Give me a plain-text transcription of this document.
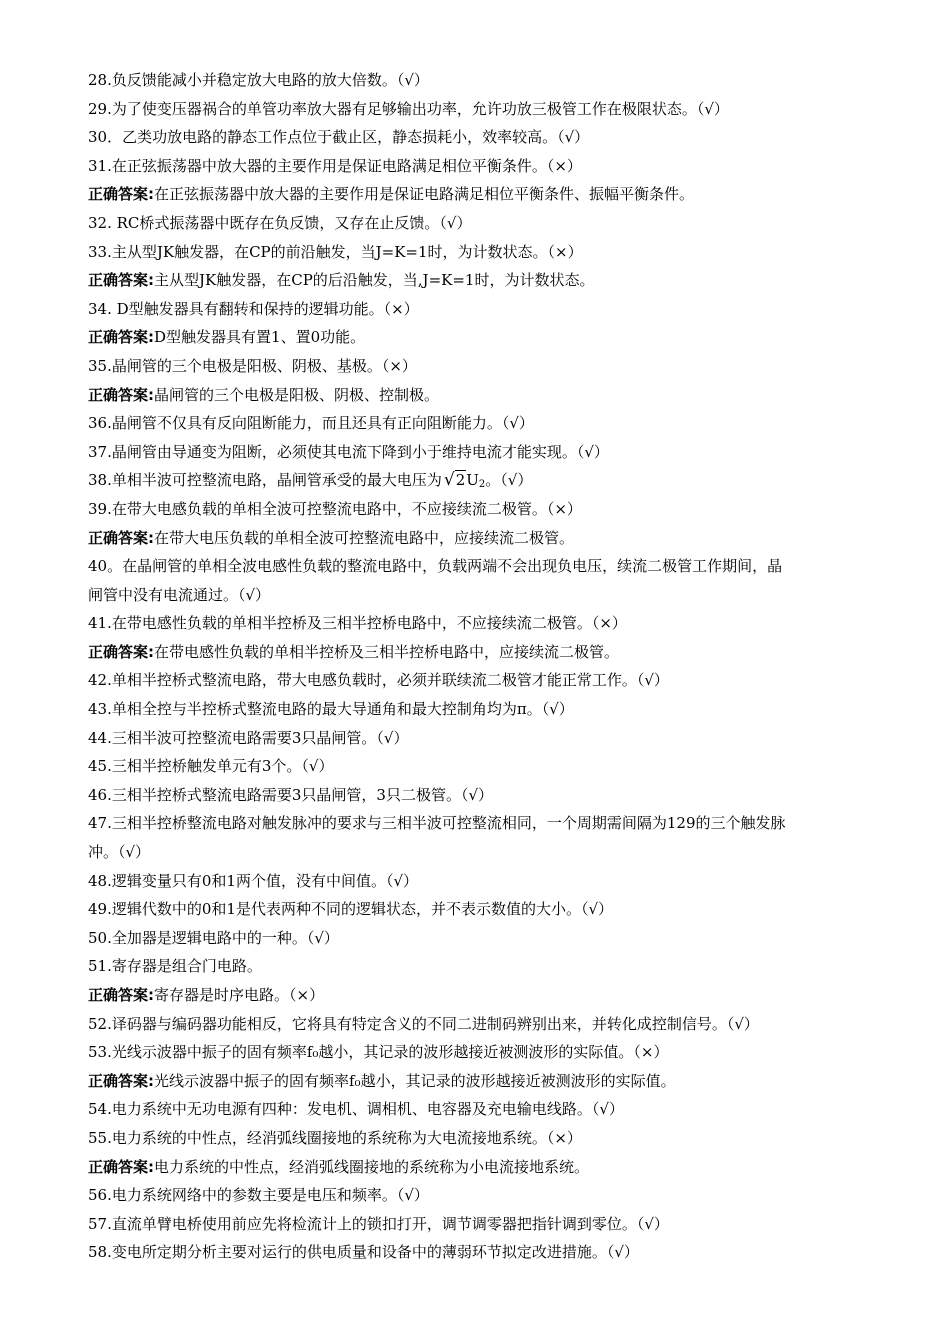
28.负反馈能减小并稳定放大电路的放大倍数。（√）
29.为了使变压器祸合的单管功率放大器有足够输出功率，允许功放三极管工作在极限状态。（√）
30．乙类功放电路的静态工作点位于截止区，静态损耗小，效率较高。（√）
31.在正弦振荡器中放大器的主要作用是保证电路满足相位平衡条件。（×）
正确答案:在正弦振荡器中放大器的主要作用是保证电路满足相位平衡条件、振幅平衡条件。
32. RC桥式振荡器中既存在负反馈，又存在止反馈。（√）
33.主从型JK触发器，在CP的前沿触发，当J=K=1时，为计数状态。（×）
正确答案:主从型JK触发器，在CP的后沿触发，当,J=K=1时，为计数状态。
34. D型触发器具有翻转和保持的逻辑功能。（×）
正确答案:D型触发器具有置1、置0功能。
35.晶闸管的三个电极是阳极、阴极、基极。（×）
正确答案:晶闸管的三个电极是阳极、阴极、控制极。
36.晶闸管不仅具有反向阻断能力，而且还具有正向阻断能力。（√）
37.晶闸管由导通变为阻断，必须使其电流下降到小于维持电流才能实现。（√）
38.单相半波可控整流电路，晶闸管承受的最大电压为 $√2U_2$。（√）
39.在带大电感负载的单相全波可控整流电路中，不应接续流二极管。（×）
正确答案:在带大电压负载的单相全波可控整流电路中，应接续流二极管。
40。在晶闸管的单相全波电感性负载的整流电路中，负载两端不会出现负电压，续流二极管工作期间，晶
闸管中没有电流通过。（√）
41.在带电感性负载的单相半控桥及三相半控桥电路中，不应接续流二极管。（×）
正确答案:在带电感性负载的单相半控桥及三相半控桥电路中，应接续流二极管。
42.单相半控桥式整流电路，带大电感负载时，必须并联续流二极管才能正常工作。（√）
43.单相全控与半控桥式整流电路的最大导通角和最大控制角均为π。（√）
44.三相半波可控整流电路需要3只晶闸管。（√）
45.三相半控桥触发单元有3个。（√）
46.三相半控桥式整流电路需要3只晶闸管，3只二极管。（√）
47.三相半控桥整流电路对触发脉冲的要求与三相半波可控整流相同，一个周期需间隔为129的三个触发脉
冲。（√）
48.逻辑变量只有0和1两个值，没有中间值。（√）
49.逻辑代数中的0和1是代表两种不同的逻辑状态，并不表示数值的大小。（√）
50.全加器是逻辑电路中的一种。（√）
51.寄存器是组合门电路。
正确答案:寄存器是时序电路。（×）
52.译码器与编码器功能相反，它将具有特定含义的不同二进制码辨别出来，并转化成控制信号。（√）
53.光线示波器中振子的固有频率f₀越小，其记录的波形越接近被测波形的实际值。（×）
正确答案:光线示波器中振子的固有频率f₀越小，其记录的波形越接近被测波形的实际值。
54.电力系统中无功电源有四种：发电机、调相机、电容器及充电输电线路。（√）
55.电力系统的中性点，经消弧线圈接地的系统称为大电流接地系统。（×）
正确答案:电力系统的中性点，经消弧线圈接地的系统称为小电流接地系统。
56.电力系统网络中的参数主要是电压和频率。（√）
57.直流单臂电桥使用前应先将检流计上的锁扣打开，调节调零器把指针调到零位。（√）
58.变电所定期分析主要对运行的供电质量和设备中的薄弱环节拟定改进措施。（√）
